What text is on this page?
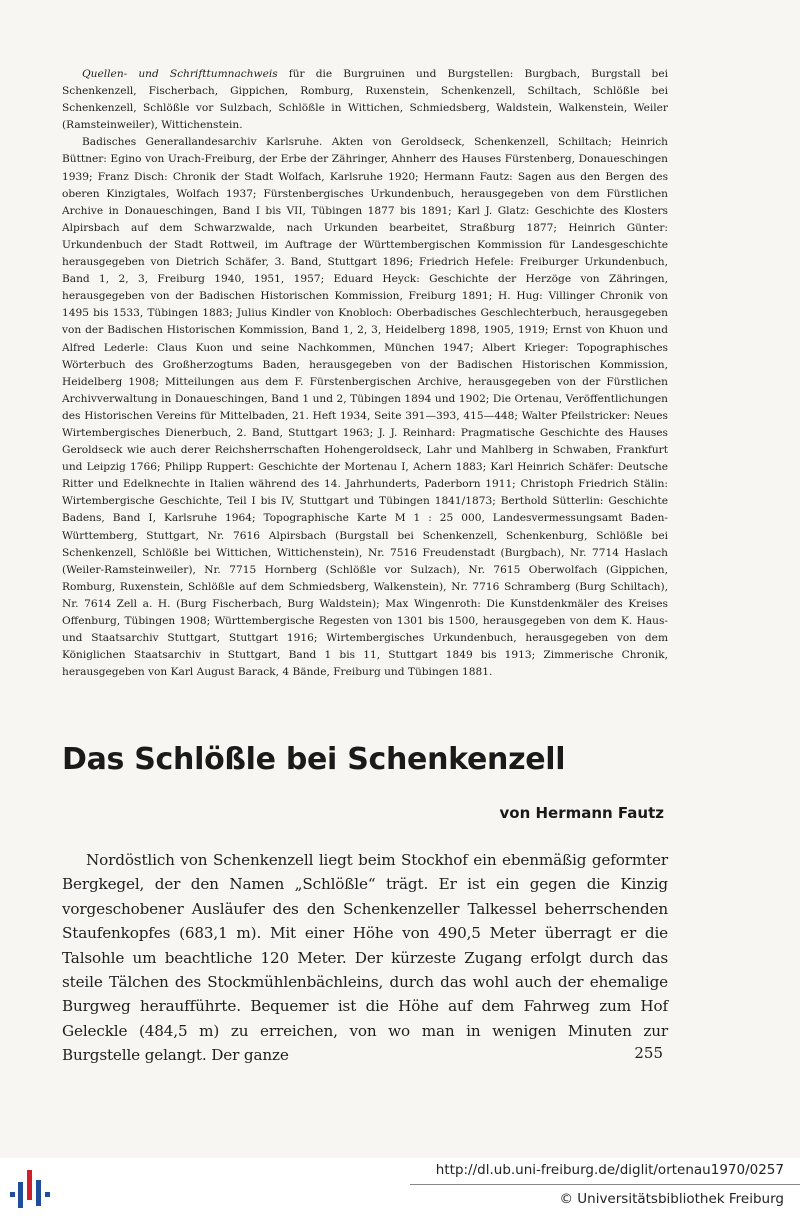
Quellen- und Schrifttumnachweis für die Burgruinen und Burgstellen: Burgbach, Burgstall bei Schenkenzell, Fischerbach, Gippichen, Romburg, Ruxenstein, Schenkenzell, Schiltach, Schlößle bei Schenkenzell, Schlößle vor Sulzbach, Schlößle in Wittichen, Schmiedsberg, Waldstein, Walkenstein, Weiler (Ramsteinweiler), Wittichenstein.

Badisches Generallandesarchiv Karlsruhe. Akten von Geroldseck, Schenkenzell, Schiltach; Heinrich Büttner: Egino von Urach-Freiburg, der Erbe der Zähringer, Ahnherr des Hauses Fürstenberg, Donaueschingen 1939; Franz Disch: Chronik der Stadt Wolfach, Karlsruhe 1920; Hermann Fautz: Sagen aus den Bergen des oberen Kinzigtales, Wolfach 1937; Fürstenbergisches Urkundenbuch, herausgegeben von dem Fürstlichen Archive in Donaueschingen, Band I bis VII, Tübingen 1877 bis 1891; Karl J. Glatz: Geschichte des Klosters Alpirsbach auf dem Schwarzwalde, nach Urkunden bearbeitet, Straßburg 1877; Heinrich Günter: Urkundenbuch der Stadt Rottweil, im Auftrage der Württembergischen Kommission für Landesgeschichte herausgegeben von Dietrich Schäfer, 3. Band, Stuttgart 1896; Friedrich Hefele: Freiburger Urkundenbuch, Band 1, 2, 3, Freiburg 1940, 1951, 1957; Eduard Heyck: Geschichte der Herzöge von Zähringen, herausgegeben von der Badischen Historischen Kommission, Freiburg 1891; H. Hug: Villinger Chronik von 1495 bis 1533, Tübingen 1883; Julius Kindler von Knobloch: Oberbadisches Geschlechterbuch, herausgegeben von der Badischen Historischen Kommission, Band 1, 2, 3, Heidelberg 1898, 1905, 1919; Ernst von Khuon und Alfred Lederle: Claus Kuon und seine Nachkommen, München 1947; Albert Krieger: Topographisches Wörterbuch des Großherzogtums Baden, herausgegeben von der Badischen Historischen Kommission, Heidelberg 1908; Mitteilungen aus dem F. Fürstenbergischen Archive, herausgegeben von der Fürstlichen Archivverwaltung in Donaueschingen, Band 1 und 2, Tübingen 1894 und 1902; Die Ortenau, Veröffentlichungen des Historischen Vereins für Mittelbaden, 21. Heft 1934, Seite 391—393, 415—448; Walter Pfeilstricker: Neues Wirtembergisches Dienerbuch, 2. Band, Stuttgart 1963; J. J. Reinhard: Pragmatische Geschichte des Hauses Geroldseck wie auch derer Reichsherrschaften Hohengeroldseck, Lahr und Mahlberg in Schwaben, Frankfurt und Leipzig 1766; Philipp Ruppert: Geschichte der Mortenau I, Achern 1883; Karl Heinrich Schäfer: Deutsche Ritter und Edelknechte in Italien während des 14. Jahrhunderts, Paderborn 1911; Christoph Friedrich Stälin: Wirtembergische Geschichte, Teil I bis IV, Stuttgart und Tübingen 1841/1873; Berthold Sütterlin: Geschichte Badens, Band I, Karlsruhe 1964; Topographische Karte M 1 : 25 000, Landesvermessungsamt Baden-Württemberg, Stuttgart, Nr. 7616 Alpirsbach (Burgstall bei Schenkenzell, Schenkenburg, Schlößle bei Schenkenzell, Schlößle bei Wittichen, Wittichenstein), Nr. 7516 Freudenstadt (Burgbach), Nr. 7714 Haslach (Weiler-Ramsteinweiler), Nr. 7715 Hornberg (Schlößle vor Sulzach), Nr. 7615 Oberwolfach (Gippichen, Romburg, Ruxenstein, Schlößle auf dem Schmiedsberg, Walkenstein), Nr. 7716 Schramberg (Burg Schiltach), Nr. 7614 Zell a. H. (Burg Fischerbach, Burg Waldstein); Max Wingenroth: Die Kunstdenkmäler des Kreises Offenburg, Tübingen 1908; Württembergische Regesten von 1301 bis 1500, herausgegeben von dem K. Haus- und Staatsarchiv Stuttgart, Stuttgart 1916; Wirtembergisches Urkundenbuch, herausgegeben von dem Königlichen Staatsarchiv in Stuttgart, Band 1 bis 11, Stuttgart 1849 bis 1913; Zimmerische Chronik, herausgegeben von Karl August Barack, 4 Bände, Freiburg und Tübingen 1881.

Das Schlößle bei Schenkenzell

von Hermann Fautz

Nordöstlich von Schenkenzell liegt beim Stockhof ein ebenmäßig geformter Bergkegel, der den Namen „Schlößle“ trägt. Er ist ein gegen die Kinzig vorgeschobener Ausläufer des den Schenkenzeller Talkessel beherrschenden Staufenkopfes (683,1 m). Mit einer Höhe von 490,5 Meter überragt er die Talsohle um beachtliche 120 Meter. Der kürzeste Zugang erfolgt durch das steile Tälchen des Stockmühlenbächleins, durch das wohl auch der ehemalige Burgweg heraufführte. Bequemer ist die Höhe auf dem Fahrweg zum Hof Geleckle (484,5 m) zu erreichen, von wo man in wenigen Minuten zur Burgstelle gelangt. Der ganze	255
http://dl.ub.uni-freiburg.de/diglit/ortenau1970/0257
© Universitätsbibliothek Freiburg
